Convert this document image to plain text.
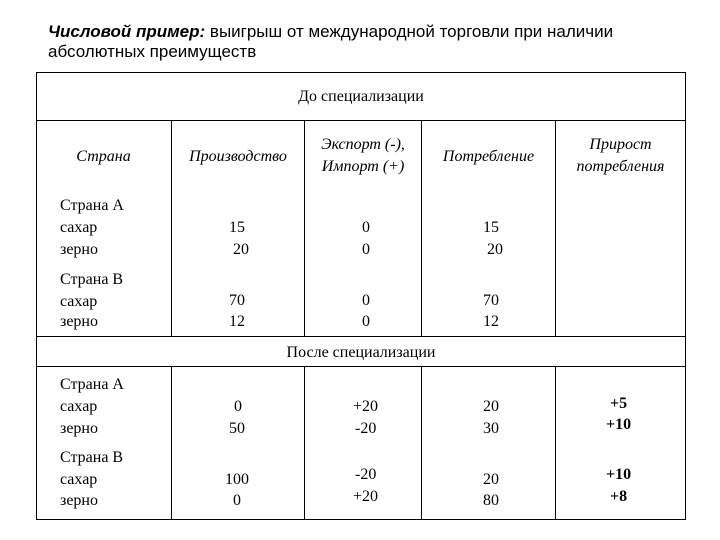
Числовой пример: выигрыш от международной торговли при наличии
абсолютных преимуществ
До специализации
После специализации
Страна	Производство
Экспорт (-),
Импорт (+)
Потребление
Прирост
потребления
Страна А
сахар
зерно
15
20
0
0
15
20
Страна В
сахар
зерно
70
12
0
0
70
12
Страна А
сахар
зерно
0
50
+20
-20
20
30
+5
+10
Страна В
сахар
зерно
100
0
-20
+20
20
80
+10
+8
